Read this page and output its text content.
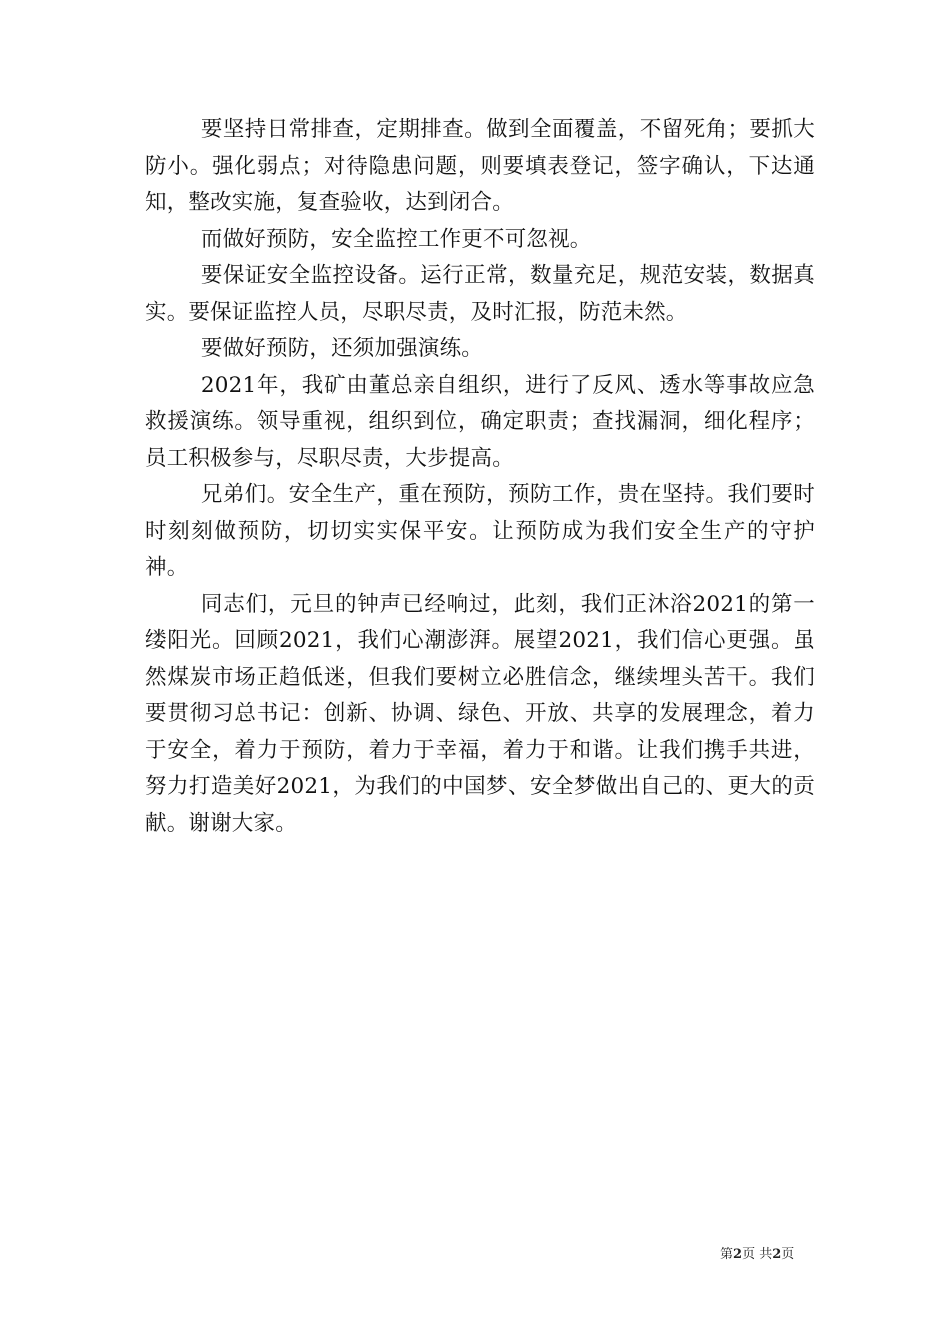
要坚持日常排查，定期排查。做到全面覆盖，不留死角；要抓大防小。强化弱点；对待隐患问题，则要填表登记，签字确认，下达通知，整改实施，复查验收，达到闭合。

而做好预防，安全监控工作更不可忽视。

要保证安全监控设备。运行正常，数量充足，规范安装，数据真实。要保证监控人员，尽职尽责，及时汇报，防范未然。

要做好预防，还须加强演练。

2021年，我矿由董总亲自组织，进行了反风、透水等事故应急救援演练。领导重视，组织到位，确定职责；查找漏洞，细化程序；员工积极参与，尽职尽责，大步提高。

兄弟们。安全生产，重在预防，预防工作，贵在坚持。我们要时时刻刻做预防，切切实实保平安。让预防成为我们安全生产的守护神。

同志们，元旦的钟声已经响过，此刻，我们正沐浴2021的第一缕阳光。回顾2021，我们心潮澎湃。展望2021，我们信心更强。虽然煤炭市场正趋低迷，但我们要树立必胜信念，继续埋头苦干。我们要贯彻习总书记：创新、协调、绿色、开放、共享的发展理念，着力于安全，着力于预防，着力于幸福，着力于和谐。让我们携手共进，努力打造美好2021，为我们的中国梦、安全梦做出自己的、更大的贡献。谢谢大家。

第2页 共2页
